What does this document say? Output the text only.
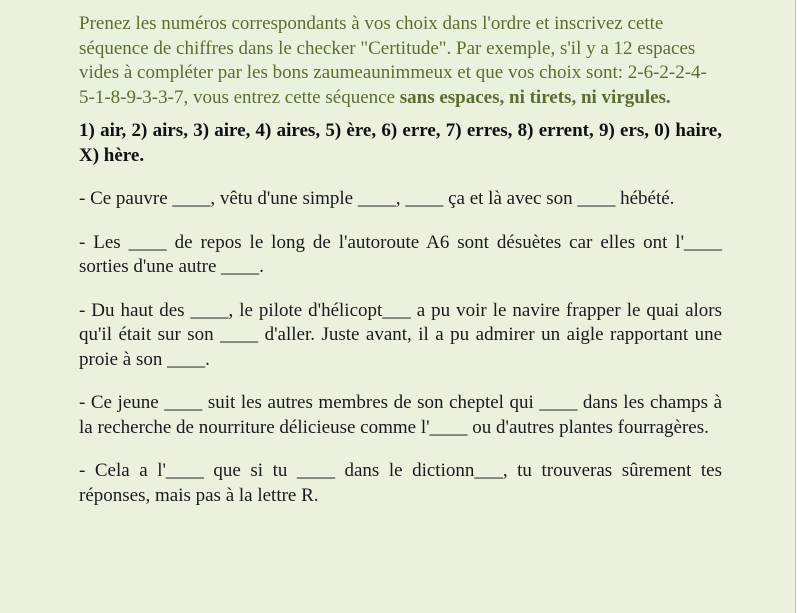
Prenez les numéros correspondants à vos choix dans l'ordre et inscrivez cette séquence de chiffres dans le checker "Certitude". Par exemple, s'il y a 12 espaces vides à compléter par les bons zaumeaunimmeux et que vos choix sont: 2-6-2-2-4-5-1-8-9-3-3-7, vous entrez cette séquence sans espaces, ni tirets, ni virgules.

1) air, 2) airs, 3) aire, 4) aires, 5) ère, 6) erre, 7) erres, 8) errent, 9) ers, 0) haire, X) hère.

- Ce pauvre ____, vêtu d'une simple ____, ____ ça et là avec son ____ hébété.

- Les ____ de repos le long de l'autoroute A6 sont désuètes car elles ont l'____ sorties d'une autre ____.

- Du haut des ____, le pilote d'hélicopt___ a pu voir le navire frapper le quai alors qu'il était sur son ____ d'aller. Juste avant, il a pu admirer un aigle rapportant une proie à son ____.

- Ce jeune ____ suit les autres membres de son cheptel qui ____ dans les champs à la recherche de nourriture délicieuse comme l'____ ou d'autres plantes fourragères.

- Cela a l'____ que si tu ____ dans le dictionn___, tu trouveras sûrement tes réponses, mais pas à la lettre R.
